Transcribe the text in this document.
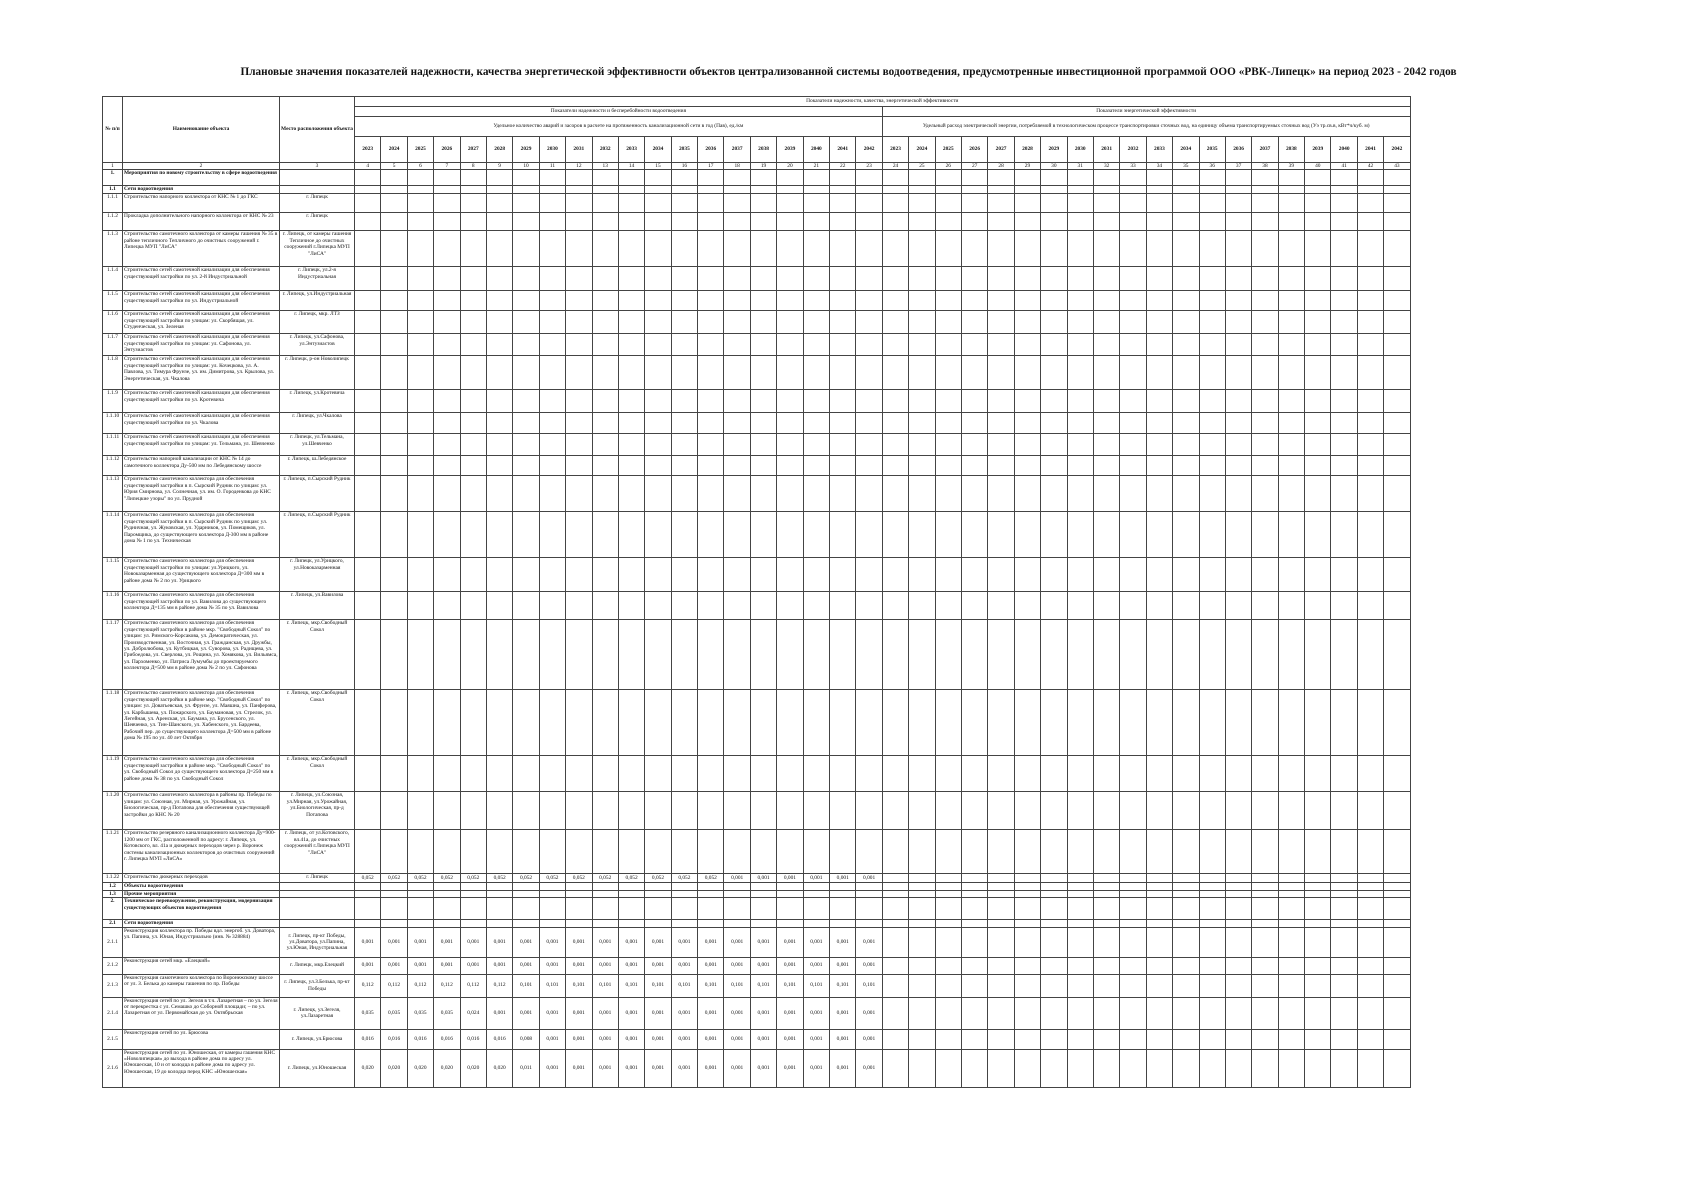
Плановые значения показателей надежности, качества энергетической эффективности объектов централизованной системы водоотведения, предусмотренные инвестиционной программой ООО «РВК-Липецк» на период 2023 - 2042 годов
№ п/п	Наименование объекта	Место расположения объекта	Показатели надежности, качества, энергетической эффективности																																							
			Показатели надежности и бесперебойности водоотведения																				Показатели энергетической эффективности																			
			Удельное количество аварий и засоров в расчете на протяженность канализационной сети в год (Пав), ед./км																				Удельный расход электрической энергии, потребляемой в технологическом процессе транспортировки сточных вод, на единицу объема транспортируемых сточных вод (Уэ тр.св.в, кВт*ч/куб. м)																			
			2023	2024	2025	2026	2027	2028	2029	2030	2031	2032	2033	2034	2035	2036	2037	2038	2039	2040	2041	2042	2023	2024	2025	2026	2027	2028	2029	2030	2031	2032	2033	2034	2035	2036	2037	2038	2039	2040	2041	2042
1	2	3	4	5	6	7	8	9	10	11	12	13	14	15	16	17	18	19	20	21	22	23	24	25	26	27	28	29	30	31	32	33	34	35	36	37	38	39	40	41	42	43
1.	Мероприятия по новому строительству в сфере водоотведения																																									
1.1	Сети водоотведения																																									
1.1.1	Строительство напорного коллектора от КНС № 1 до ГКС	г. Липецк																																								
1.1.2	Прокладка дополнительного напорного коллектора от КНС № 23	г. Липецк																																								
1.1.3	Строительство самотечного коллектора от камеры гашения № 35 в районе тепличного Тепличного до очистных сооружений г. Липецка МУП "ЛиСА"	г. Липецк, от камеры гашения Тепличное до очистных сооружений г.Липецка МУП "ЛиСА"																																								
1.1.4	Строительство сетей самотечной канализации для обеспечения существующей застройки по ул. 2-й Индустриальной	г. Липецк, ул.2-я Индустриальная																																								
1.1.5	Строительство сетей самотечной канализации для обеспечения существующей застройки по ул. Индустриальной	г. Липецк, ул.Индустриальная																																								
1.1.6	Строительство сетей самотечной канализации для обеспечения существующей застройки по улицам: ул. Скорбящая, ул. Студенческая, ул. Зеленая	г. Липецк, мкр. ЛТЗ																																								
1.1.7	Строительство сетей самотечной канализации для обеспечения существующей застройки по улицам: ул. Сафонова, ул. Энтузиастов	г. Липецк, ул.Сафонова, ул.Энтузиастов																																								
1.1.8	Строительство сетей самотечной канализации для обеспечения существующей застройки по улицам: ул. Кочецкова, ул. А. Павлова, ул. Тимура Фрунзе, ул. им. Димитрова, ул. Крылова, ул. Энергетическая, ул. Чкалова	г. Липецк, р-он Новолипецк																																								
1.1.9	Строительство сетей самотечной канализации для обеспечения существующей застройки по ул. Кротевича	г. Липецк, ул.Кротевича																																								
1.1.10	Строительство сетей самотечной канализации для обеспечения существующей застройки по ул. Чкалова	г. Липецк, ул.Чкалова																																								
1.1.11	Строительство сетей самотечной канализации для обеспечения существующей застройки по улицам: ул. Тельмана, ул. Шевченко	г. Липецк, ул.Тельмана, ул.Шевченко																																								
1.1.12	Строительство напорной канализации от КНС № 14 до самотечного коллектора Ду-500 мм по Лебедянскому шоссе	г. Липецк, ш.Лебедянское																																								
1.1.13	Строительство самотечного коллектора для обеспечения существующей застройки в п. Сырский Рудник по улицам: ул. Юрия Смирнова, ул. Солнечная, ул. им. О. Городенкова до КНС "Липецкие узоры" по ул. Прудной	г. Липецк, п.Сырский Рудник																																								
1.1.14	Строительство самотечного коллектора для обеспечения существующей застройки в п. Сырский Рудник по улицам: ул. Рудничная, ул. Жуковская, ул. Ударников, ул. Помещиков, ул. Паромщика, до существующего коллектора Д-300 мм в районе дома № 1 по ул. Техническая	г. Липецк, п.Сырский Рудник																																								
1.1.15	Строительство самотечного коллектора для обеспечения существующей застройки по улицам: ул.Урицкого, ул. Новоказарменная до существующего коллектора Д=300 мм в районе дома № 2 по ул. Урицкого	г. Липецк, ул.Урицкого, ул.Новоказарменная																																								
1.1.16	Строительство самотечного коллектора для обеспечения существующей застройки по ул. Вавилова до существующего коллектора Д=135 мм в районе дома № 35 по ул. Вавилова	г. Липецк, ул.Вавилова																																								
1.1.17	Строительство самотечного коллектора для обеспечения существующей застройки в районе мкр. "Свободный Сокол" по улицам: ул. Римского-Корсакова, ул. Демократическая, ул. Производственная, ул. Восточная, ул. Гражданская, ул. Дружбы, ул. Добролюбова, ул. Кутбицкая, ул. Суворова, ул. Радищева, ул. Грибоедова, ул. Сверлова, ул. Рощина, ул. Хомякова, ул. Вильямса, ул. Пархоменко, ул. Патриса Лумумбы до проектируемого коллектора Д=500 мм в районе дома № 2 по ул. Сафонова	г. Липецк, мкр.Свободный Сокол																																								
1.1.18	Строительство самотечного коллектора для обеспечения существующей застройки в районе мкр. "Свободный Сокол" по улицам: ул. Доватьевская, ул. Фрунзе, ул. Маяшна, ул. Панферова, ул. Карбышева, ул. Пожарского, ул. Баумановая, ул. Стрелок, ул. Легейная, ул. Аренская, ул. Баумана, ул. Брусенского, ул. Шевченко, ул. Тин-Шанского, ул. Хабенского, ул. Бардеева, Рабочий пер. до существующего коллектора Д=500 мм в районе дома № 195 по ул. 40 лет Октября	г. Липецк, мкр.Свободный Сокол																																								
1.1.19	Строительство самотечного коллектора для обеспечения существующей застройки в районе мкр. "Свободный Сокол" по ул. Свободный Сокол до существующего коллектора Д=250 мм в районе дома № 38 по ул. Свободный Сокол	г. Липецк, мкр.Свободный Сокол																																								
1.1.20	Строительство самотечного коллектора в районы пр. Победы по улицам: ул. Союзная, ул. Мирная, ул. Урожайная, ул. Биологическая, пр-д Потапова для обеспечения существующей застройки до КНС № 20	г. Липецк, ул.Союзная, ул.Мирная, ул.Урожайная, ул.Биологическая, пр-д Потапова																																								
1.1.21	Строительство резервного канализационного коллектора Ду=900-1200 мм от ГКС, расположенной по адресу: г. Липецк, ул. Котовского, вл. 41а и дюкерных переходов через р. Воронеж системы канализационных коллекторов до очистных сооружений г. Липецка МУП «ЛиСА»	г. Липецк, от ул.Котовского, вл.41а, до очистных сооружений г.Липецка МУП "ЛиСА"																																								
1.1.22	Строительство дюкерных переходов	г. Липецк	0,052	0,052	0,052	0,052	0,052	0,052	0,052	0,052	0,052	0,052	0,052	0,052	0,052	0,052	0,001	0,001	0,001	0,001	0,001	0,001																				
1.2	Объекты водоотведения																																									
1.3	Прочие мероприятия																																									
2.	Техническое перевооружение, реконструкция, модернизация существующих объектов водоотведения																																									
2.1	Сети водоотведения																																									
2.1.1	Реконструкция коллектора пр. Победы вдл. энергоб. ул. Доватора, ул. Папина, ул. Юная, Индустриально (инв. № 328884)	г. Липецк, пр-кт Победы, ул.Доватора, ул.Папина, ул.Юная, Индустриальная	0,001	0,001	0,001	0,001	0,001	0,001	0,001	0,001	0,001	0,001	0,001	0,001	0,001	0,001	0,001	0,001	0,001	0,001	0,001	0,001																				
2.1.2	Реконструкция сетей мкр. «Елецкий»	г. Липецк, мкр.Елецкий	0,001	0,001	0,001	0,001	0,001	0,001	0,001	0,001	0,001	0,001	0,001	0,001	0,001	0,001	0,001	0,001	0,001	0,001	0,001	0,001																				
2.1.3	Реконструкция самотечного коллектора по Воронежскому шоссе от ул. З. Белька до камеры гашения по пр. Победы	г. Липецк, ул.З.Белька, пр-кт Победы	0,112	0,112	0,112	0,112	0,112	0,112	0,101	0,101	0,101	0,101	0,101	0,101	0,101	0,101	0,101	0,101	0,101	0,101	0,101	0,101																				
2.1.4	Реконструкция сетей по ул. Зегеля в т.ч. Лазаретная – по ул. Зегеля от перекрестка с ул. Семашко до Соборной площади; – по ул. Лазаретная от ул. Первомайская до ул. Октябрьская	г. Липецк, ул.Зегеля, ул.Лазаретная	0,035	0,035	0,035	0,035	0,024	0,001	0,001	0,001	0,001	0,001	0,001	0,001	0,001	0,001	0,001	0,001	0,001	0,001	0,001	0,001																				
2.1.5	Реконструкция сетей по ул. Брюсова	г. Липецк, ул.Брюсова	0,016	0,016	0,016	0,016	0,016	0,016	0,008	0,001	0,001	0,001	0,001	0,001	0,001	0,001	0,001	0,001	0,001	0,001	0,001	0,001																				
2.1.6	Реконструкция сетей по ул. Юношеская, от камеры гашения КНС «Новолипецкая» до выхода в районе дома по адресу ул. Юношеская, 10 и от колодца в районе дома по адресу ул. Юношеская, 19 до колодца перед КНС «Юношеская»	г. Липецк, ул.Юношеская	0,020	0,020	0,020	0,020	0,020	0,020	0,011	0,001	0,001	0,001	0,001	0,001	0,001	0,001	0,001	0,001	0,001	0,001	0,001	0,001																				
